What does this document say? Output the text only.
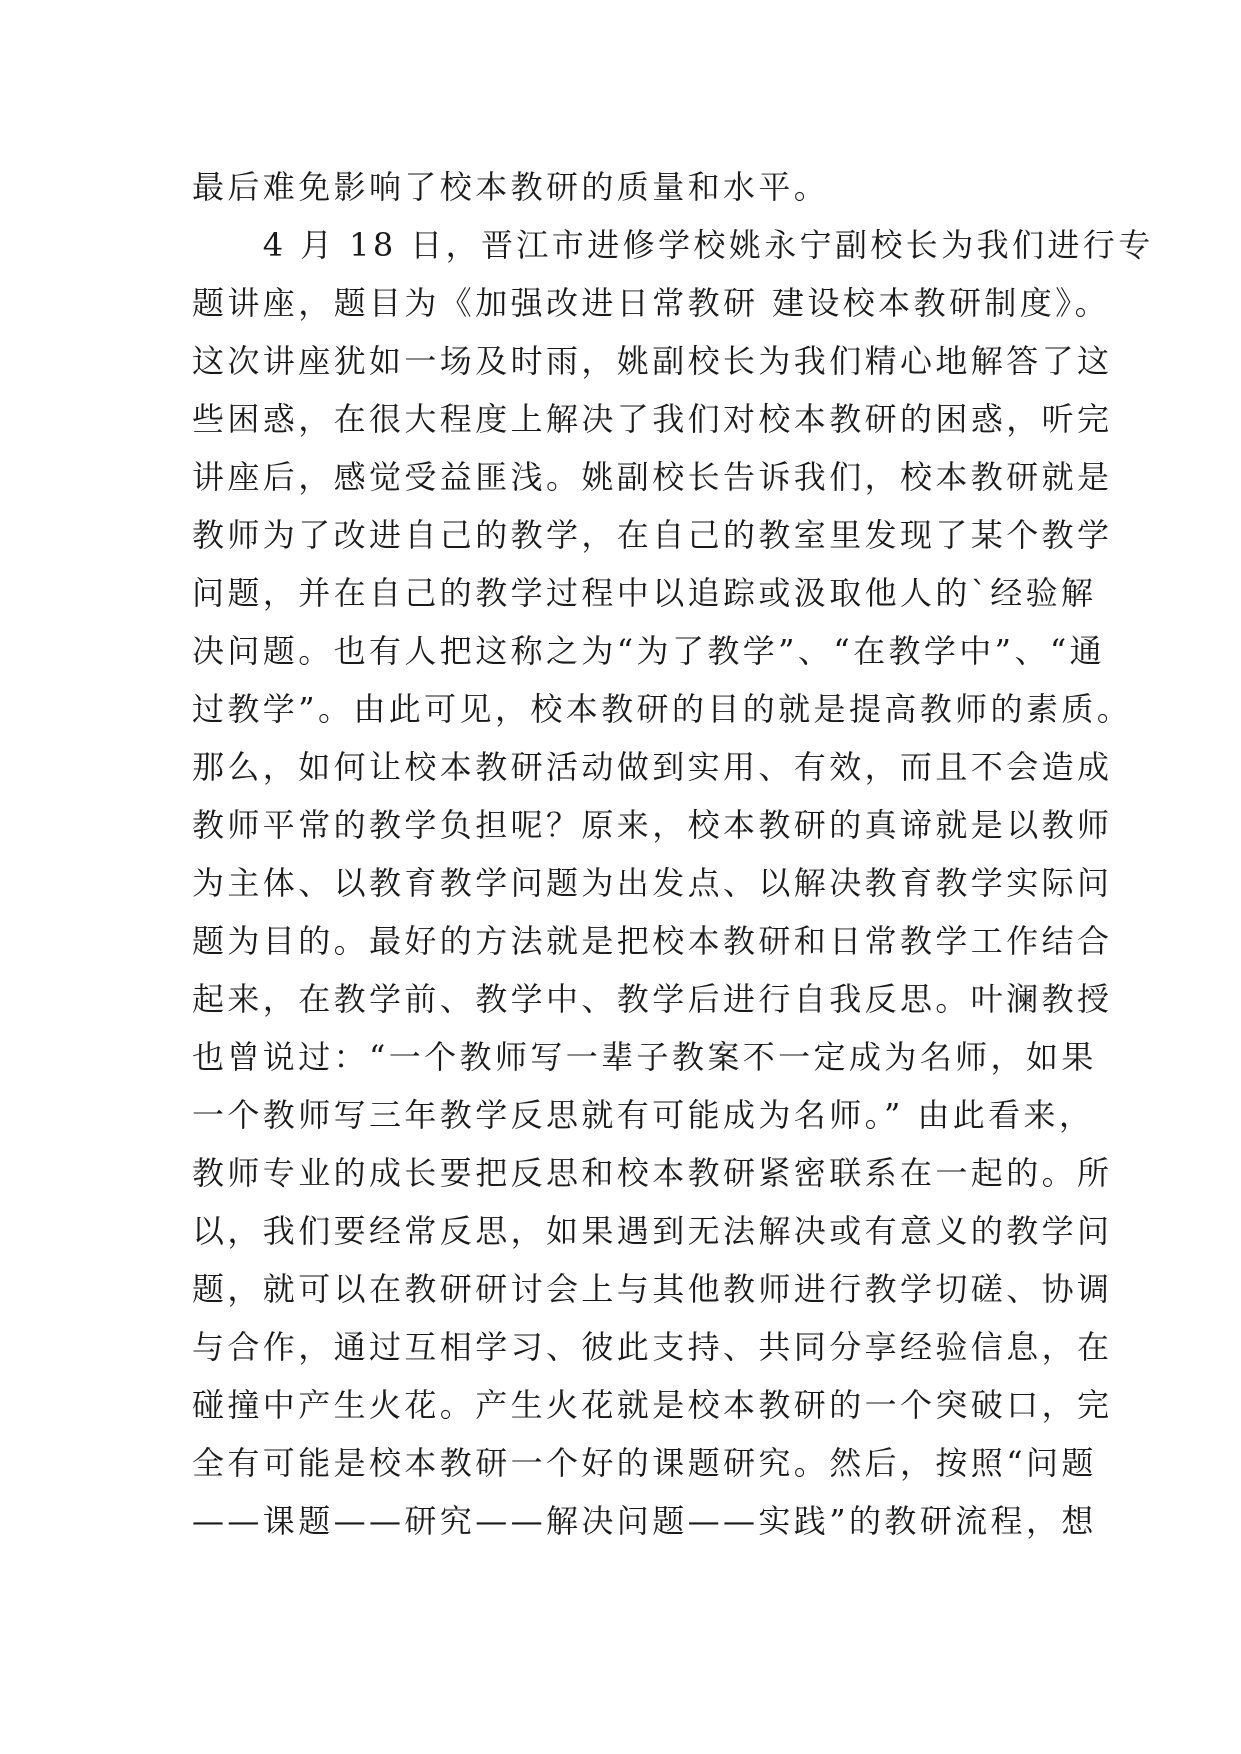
最后难免影响了校本教研的质量和水平。
　　4 月 18 日，晋江市进修学校姚永宁副校长为我们进行专
题讲座，题目为《加强改进日常教研 建设校本教研制度》。
这次讲座犹如一场及时雨，姚副校长为我们精心地解答了这
些困惑，在很大程度上解决了我们对校本教研的困惑，听完
讲座后，感觉受益匪浅。姚副校长告诉我们，校本教研就是
教师为了改进自己的教学，在自己的教室里发现了某个教学
问题，并在自己的教学过程中以追踪或汲取他人的`经验解
决问题。也有人把这称之为“为了教学”、“在教学中”、“通
过教学”。由此可见，校本教研的目的就是提高教师的素质。
那么，如何让校本教研活动做到实用、有效，而且不会造成
教师平常的教学负担呢？原来，校本教研的真谛就是以教师
为主体、以教育教学问题为出发点、以解决教育教学实际问
题为目的。最好的方法就是把校本教研和日常教学工作结合
起来，在教学前、教学中、教学后进行自我反思。叶澜教授
也曾说过：“一个教师写一辈子教案不一定成为名师，如果
一个教师写三年教学反思就有可能成为名师。” 由此看来，
教师专业的成长要把反思和校本教研紧密联系在一起的。所
以，我们要经常反思，如果遇到无法解决或有意义的教学问
题，就可以在教研研讨会上与其他教师进行教学切磋、协调
与合作，通过互相学习、彼此支持、共同分享经验信息，在
碰撞中产生火花。产生火花就是校本教研的一个突破口，完
全有可能是校本教研一个好的课题研究。然后，按照“问题
——课题——研究——解决问题——实践”的教研流程，想
